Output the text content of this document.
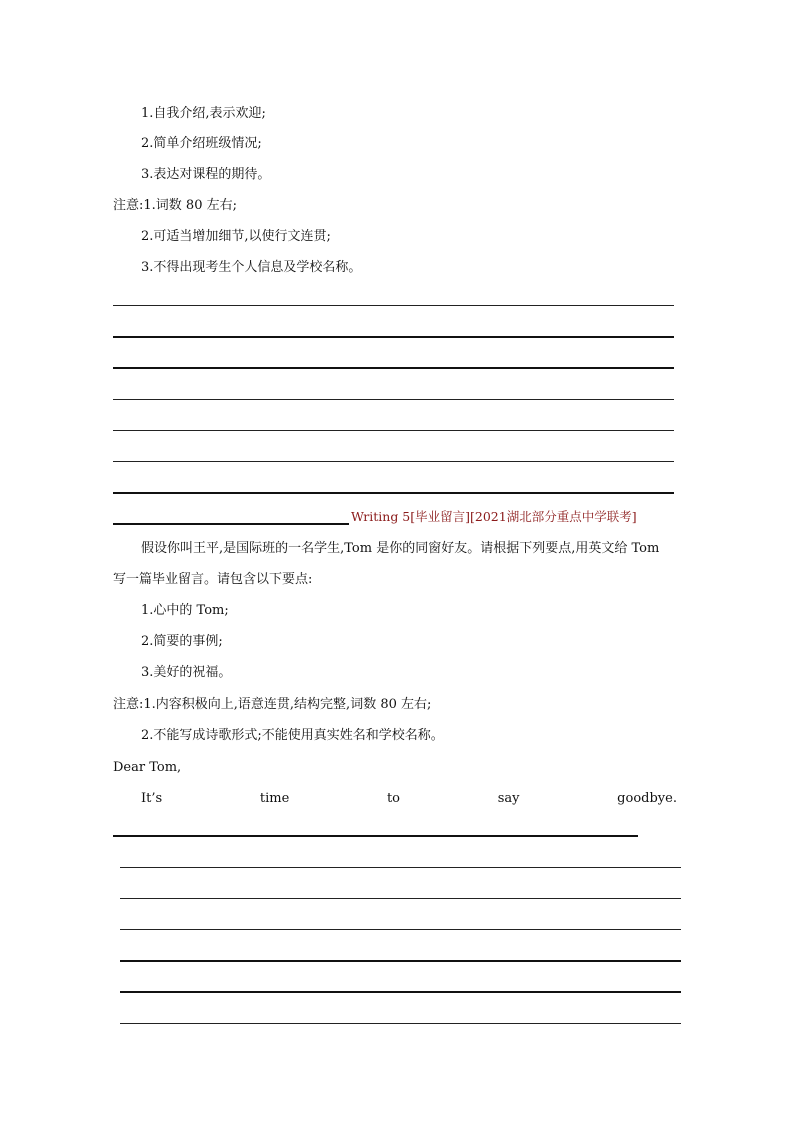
1.自我介绍,表示欢迎;
2.简单介绍班级情况;
3.表达对课程的期待。
注意:1.词数 80 左右;
2.可适当增加细节,以使行文连贯;
3.不得出现考生个人信息及学校名称。
Writing 5[毕业留言][2021湖北部分重点中学联考]
假设你叫王平,是国际班的一名学生,Tom 是你的同窗好友。请根据下列要点,用英文给 Tom
写一篇毕业留言。请包含以下要点:
1.心中的 Tom;
2.简要的事例;
3.美好的祝福。
注意:1.内容积极向上,语意连贯,结构完整,词数 80 左右;
2.不能写成诗歌形式;不能使用真实姓名和学校名称。
Dear Tom,
It’s	time	to	say	goodbye.
